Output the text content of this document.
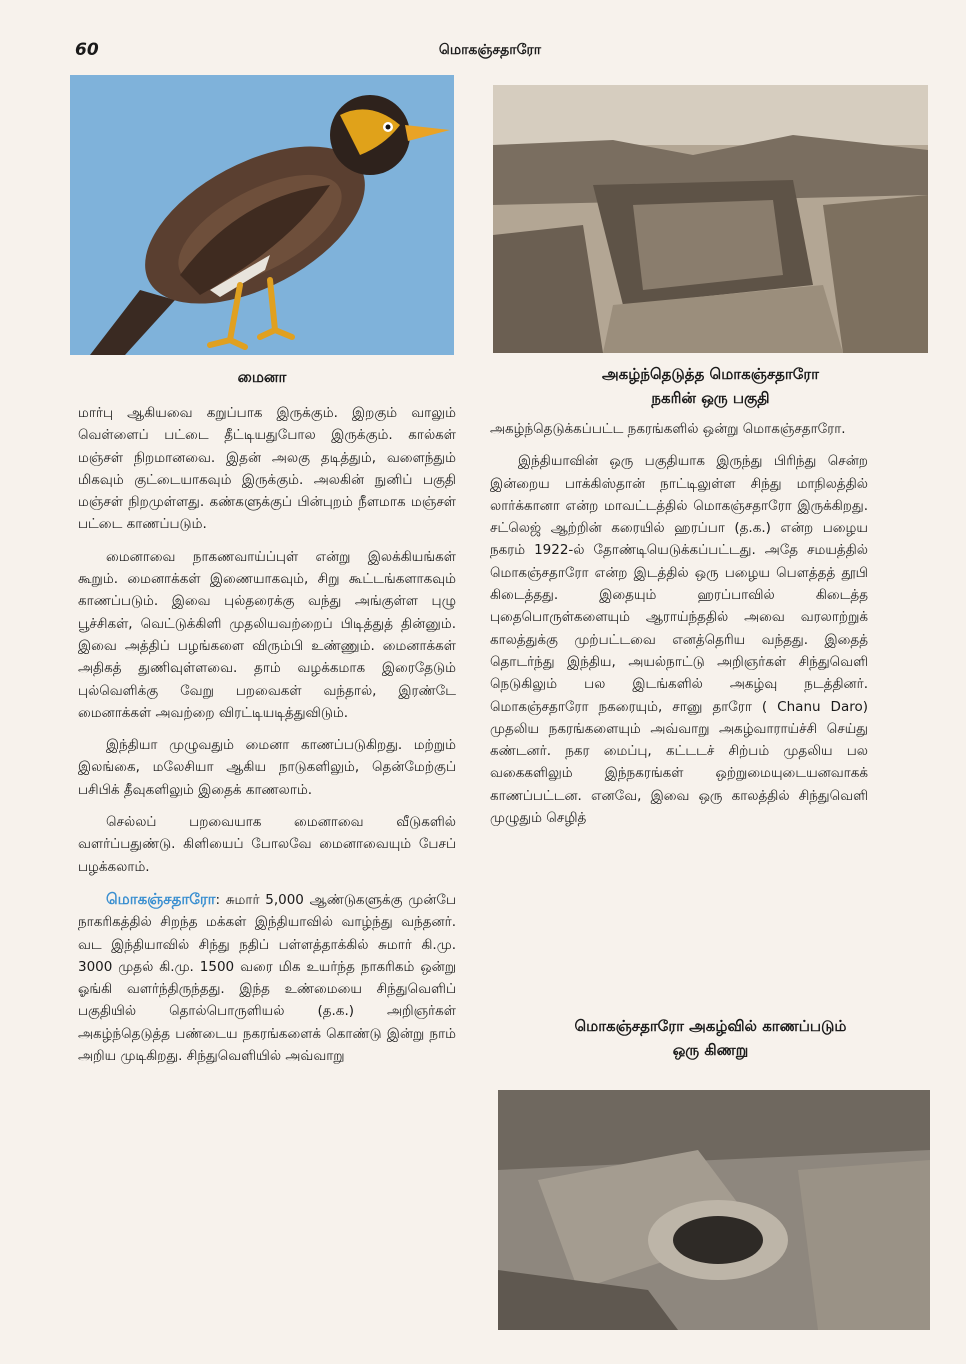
60	மொகஞ்சதாரோ
மைனா	அகழ்ந்தெடுத்த மொகஞ்சதாரோ
நகரின் ஒரு பகுதி

மார்பு ஆகியவை கறுப்பாக இருக்கும். இறகும் வாலும் வெள்ளைப் பட்டை தீட்டியதுபோல இருக்கும். கால்கள் மஞ்சள் நிறமானவை. இதன் அலகு தடித்தும், வளைந்தும் மிகவும் குட்டையாகவும் இருக்கும். அலகின் நுனிப் பகுதி மஞ்சள் நிறமுள்ளது. கண்களுக்குப் பின்புறம் நீளமாக மஞ்சள் பட்டை காணப்படும்.

மைனாவை நாகணவாய்ப்புள் என்று இலக்கியங்கள் கூறும். மைனாக்கள் இணையாகவும், சிறு கூட்டங்களாகவும் காணப்படும். இவை புல்தரைக்கு வந்து அங்குள்ள புழு பூச்சிகள், வெட்டுக்கிளி முதலியவற்றைப் பிடித்துத் தின்னும். இவை அத்திப் பழங்களை விரும்பி உண்ணும். மைனாக்கள் அதிகத் துணிவுள்ளவை. தாம் வழக்கமாக இரைதேடும் புல்வெளிக்கு வேறு பறவைகள் வந்தால், இரண்டே மைனாக்கள் அவற்றை விரட்டியடித்துவிடும்.

இந்தியா முழுவதும் மைனா காணப்படுகிறது. மற்றும் இலங்கை, மலேசியா ஆகிய நாடுகளிலும், தென்மேற்குப் பசிபிக் தீவுகளிலும் இதைக் காணலாம்.

செல்லப் பறவையாக மைனாவை வீடுகளில் வளர்ப்பதுண்டு. கிளியைப் போலவே மைனாவையும் பேசப் பழக்கலாம்.

மொகஞ்சதாரோ: சுமார் 5,000 ஆண்டுகளுக்கு முன்பே நாகரிகத்தில் சிறந்த மக்கள் இந்தியாவில் வாழ்ந்து வந்தனர். வட இந்தியாவில் சிந்து நதிப் பள்ளத்தாக்கில் சுமார் கி.மு. 3000 முதல் கி.மு. 1500 வரை மிக உயர்ந்த நாகரிகம் ஒன்று ஓங்கி வளர்ந்திருந்தது. இந்த உண்மையை சிந்துவெளிப் பகுதியில் தொல்பொருளியல் (த.க.) அறிஞர்கள் அகழ்ந்தெடுத்த பண்டைய நகரங்களைக் கொண்டு இன்று நாம் அறிய முடிகிறது. சிந்துவெளியில் அவ்வாறு

அகழ்ந்தெடுக்கப்பட்ட நகரங்களில் ஒன்று மொகஞ்சதாரோ.

இந்தியாவின் ஒரு பகுதியாக இருந்து பிரிந்து சென்ற இன்றைய பாக்கிஸ்தான் நாட்டிலுள்ள சிந்து மாநிலத்தில் லார்க்கானா என்ற மாவட்டத்தில் மொகஞ்சதாரோ இருக்கிறது. சட்லெஜ் ஆற்றின் கரையில் ஹரப்பா (த.க.) என்ற பழைய நகரம் 1922-ல் தோண்டியெடுக்கப்பட்டது. அதே சமயத்தில் மொகஞ்சதாரோ என்ற இடத்தில் ஒரு பழைய பௌத்தத் தூபி கிடைத்தது. இதையும் ஹரப்பாவில் கிடைத்த புதைபொருள்களையும் ஆராய்ந்ததில் அவை வரலாற்றுக் காலத்துக்கு முற்பட்டவை எனத்தெரிய வந்தது. இதைத் தொடர்ந்து இந்திய, அயல்நாட்டு அறிஞர்கள் சிந்துவெளி நெடுகிலும் பல இடங்களில் அகழ்வு நடத்தினர். மொகஞ்சதாரோ நகரையும், சானு தாரோ ( Chanu Daro) முதலிய நகரங்களையும் அவ்வாறு அகழ்வாராய்ச்சி செய்து கண்டனர். நகர மைப்பு, கட்டடச் சிற்பம் முதலிய பல வகைகளிலும் இந்நகரங்கள் ஒற்றுமையுடையனவாகக் காணப்பட்டன. எனவே, இவை ஒரு காலத்தில் சிந்துவெளி முழுதும் செழித்

மொகஞ்சதாரோ அகழ்வில் காணப்படும்
ஒரு கிணறு
